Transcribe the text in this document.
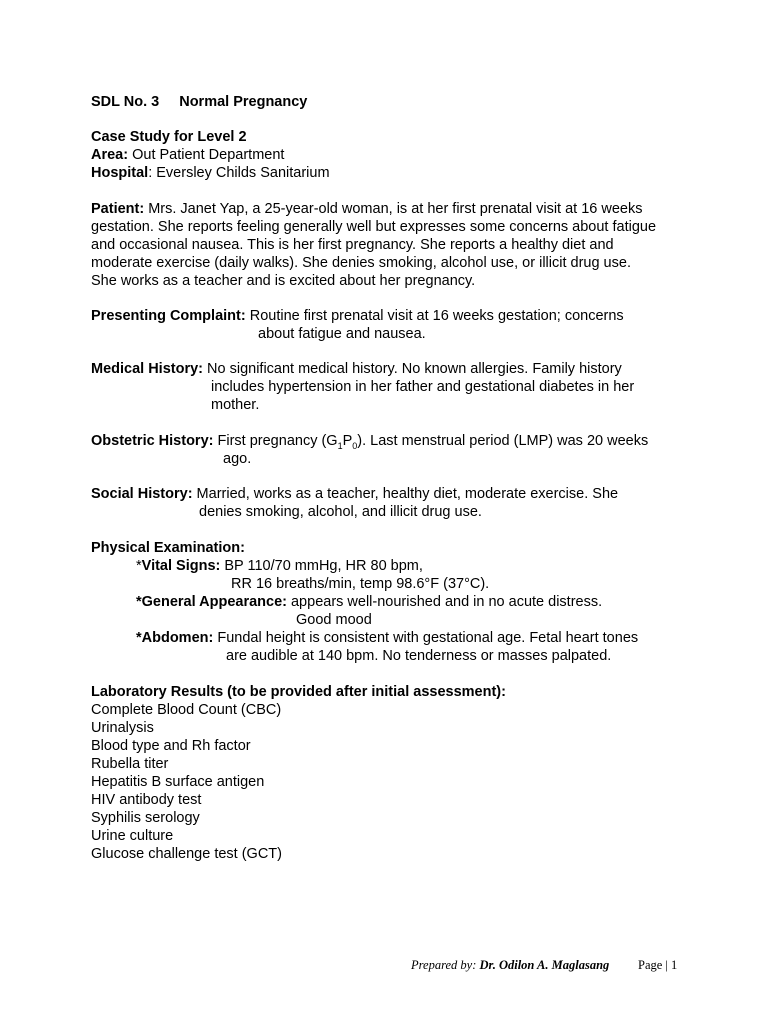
SDL No. 3 Normal Pregnancy
Case Study for Level 2
Area: Out Patient Department
Hospital: Eversley Childs Sanitarium
Patient: Mrs. Janet Yap, a 25-year-old woman, is at her first prenatal visit at 16 weeks
gestation. She reports feeling generally well but expresses some concerns about fatigue
and occasional nausea. This is her first pregnancy. She reports a healthy diet and
moderate exercise (daily walks). She denies smoking, alcohol use, or illicit drug use.
She works as a teacher and is excited about her pregnancy.
Presenting Complaint: Routine first prenatal visit at 16 weeks gestation; concerns
about fatigue and nausea.
Medical History: No significant medical history. No known allergies. Family history
includes hypertension in her father and gestational diabetes in her
mother.
Obstetric History: First pregnancy $(G_1P_0)$. Last menstrual period (LMP) was 20 weeks
ago.
Social History: Married, works as a teacher, healthy diet, moderate exercise. She
denies smoking, alcohol, and illicit drug use.
Physical Examination:
*Vital Signs: BP 110/70 mmHg, HR 80 bpm,
RR 16 breaths/min, temp 98.6°F (37°C).
*General Appearance: appears well-nourished and in no acute distress.
Good mood
*Abdomen: Fundal height is consistent with gestational age. Fetal heart tones
are audible at 140 bpm. No tenderness or masses palpated.
Laboratory Results (to be provided after initial assessment):
Complete Blood Count (CBC)
Urinalysis
Blood type and Rh factor
Rubella titer
Hepatitis B surface antigen
HIV antibody test
Syphilis serology
Urine culture
Glucose challenge test (GCT)
Prepared by: Dr. Odilon A. Maglasang Page | 1
